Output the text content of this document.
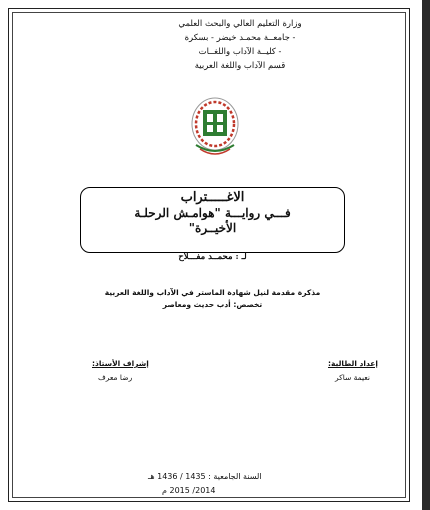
وزارة التعليم العالي والبحث العلمي
- جامعــة محمـد خيضر - بسكرة
- كليــة الآداب واللغــات
قسم الآداب واللغة العربية
الاغـــــتراب
فـــي روايـــة "هوامـش الرحلـة
الأخيــرة"
لـ : محمــد مفـــلاح
مذكرة مقدمة لنيل شهادة الماستر في الآداب واللغة العربية
تخصص: أدب حديث ومعاصر
إعداد الطالبة:
نعيمة ساكر
إشراف الأستاذ:
رضا معرف
السنة الجامعية : 1435 / 1436 هـ
2014/ 2015 م
